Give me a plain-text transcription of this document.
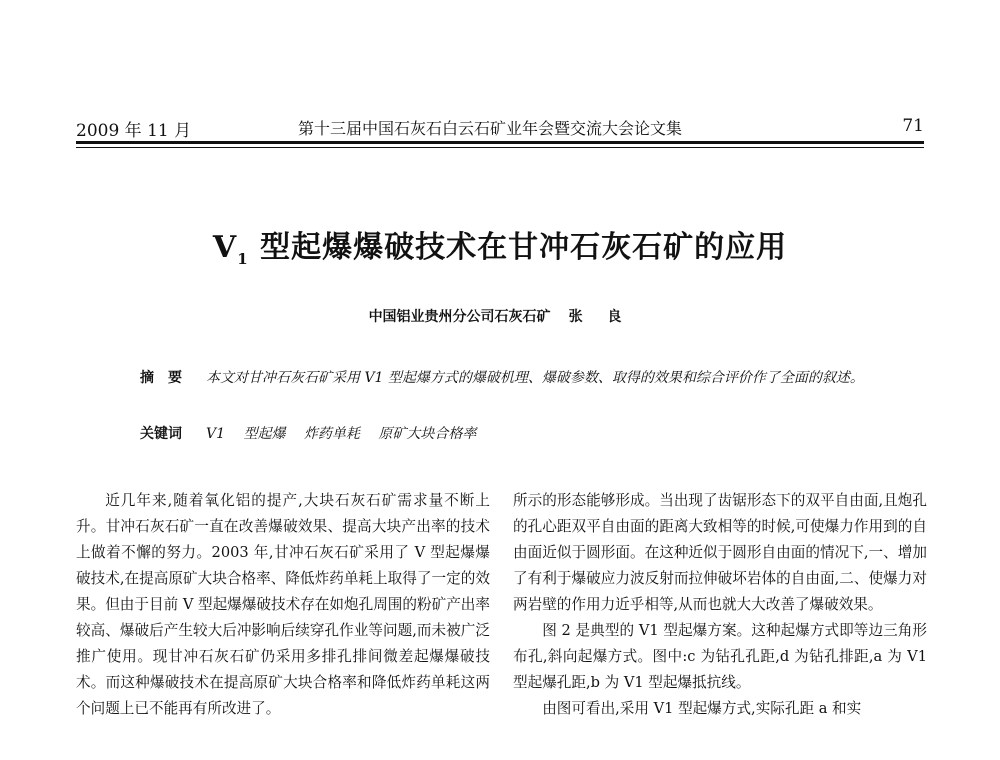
2009 年 11 月	第十三届中国石灰石白云石矿业年会暨交流大会论文集	71
$V_1$ 型起爆爆破技术在甘冲石灰石矿的应用
中国铝业贵州分公司石灰石矿 张 良
摘要 本文对甘冲石灰石矿采用 V1 型起爆方式的爆破机理、爆破参数、取得的效果和综合评价作了全面的叙述。
关键词 V1 型起爆 炸药单耗 原矿大块合格率

近几年来,随着氧化铝的提产,大块石灰石矿需求量不断上升。甘冲石灰石矿一直在改善爆破效果、提高大块产出率的技术上做着不懈的努力。2003 年,甘冲石灰石矿采用了 V 型起爆爆破技术,在提高原矿大块合格率、降低炸药单耗上取得了一定的效果。但由于目前 V 型起爆爆破技术存在如炮孔周围的粉矿产出率较高、爆破后产生较大后冲影响后续穿孔作业等问题,而未被广泛推广使用。现甘冲石灰石矿仍采用多排孔排间微差起爆爆破技术。而这种爆破技术在提高原矿大块合格率和降低炸药单耗这两个问题上已不能再有所改进了。

所示的形态能够形成。当出现了齿锯形态下的双平自由面,且炮孔的孔心距双平自由面的距离大致相等的时候,可使爆力作用到的自由面近似于圆形面。在这种近似于圆形自由面的情况下,一、增加了有利于爆破应力波反射而拉伸破坏岩体的自由面,二、使爆力对两岩壁的作用力近乎相等,从而也就大大改善了爆破效果。

图 2 是典型的 V1 型起爆方案。这种起爆方式即等边三角形布孔,斜向起爆方式。图中:c 为钻孔孔距,d 为钻孔排距,a 为 V1 型起爆孔距,b 为 V1 型起爆抵抗线。

由图可看出,采用 V1 型起爆方式,实际孔距 a 和实
